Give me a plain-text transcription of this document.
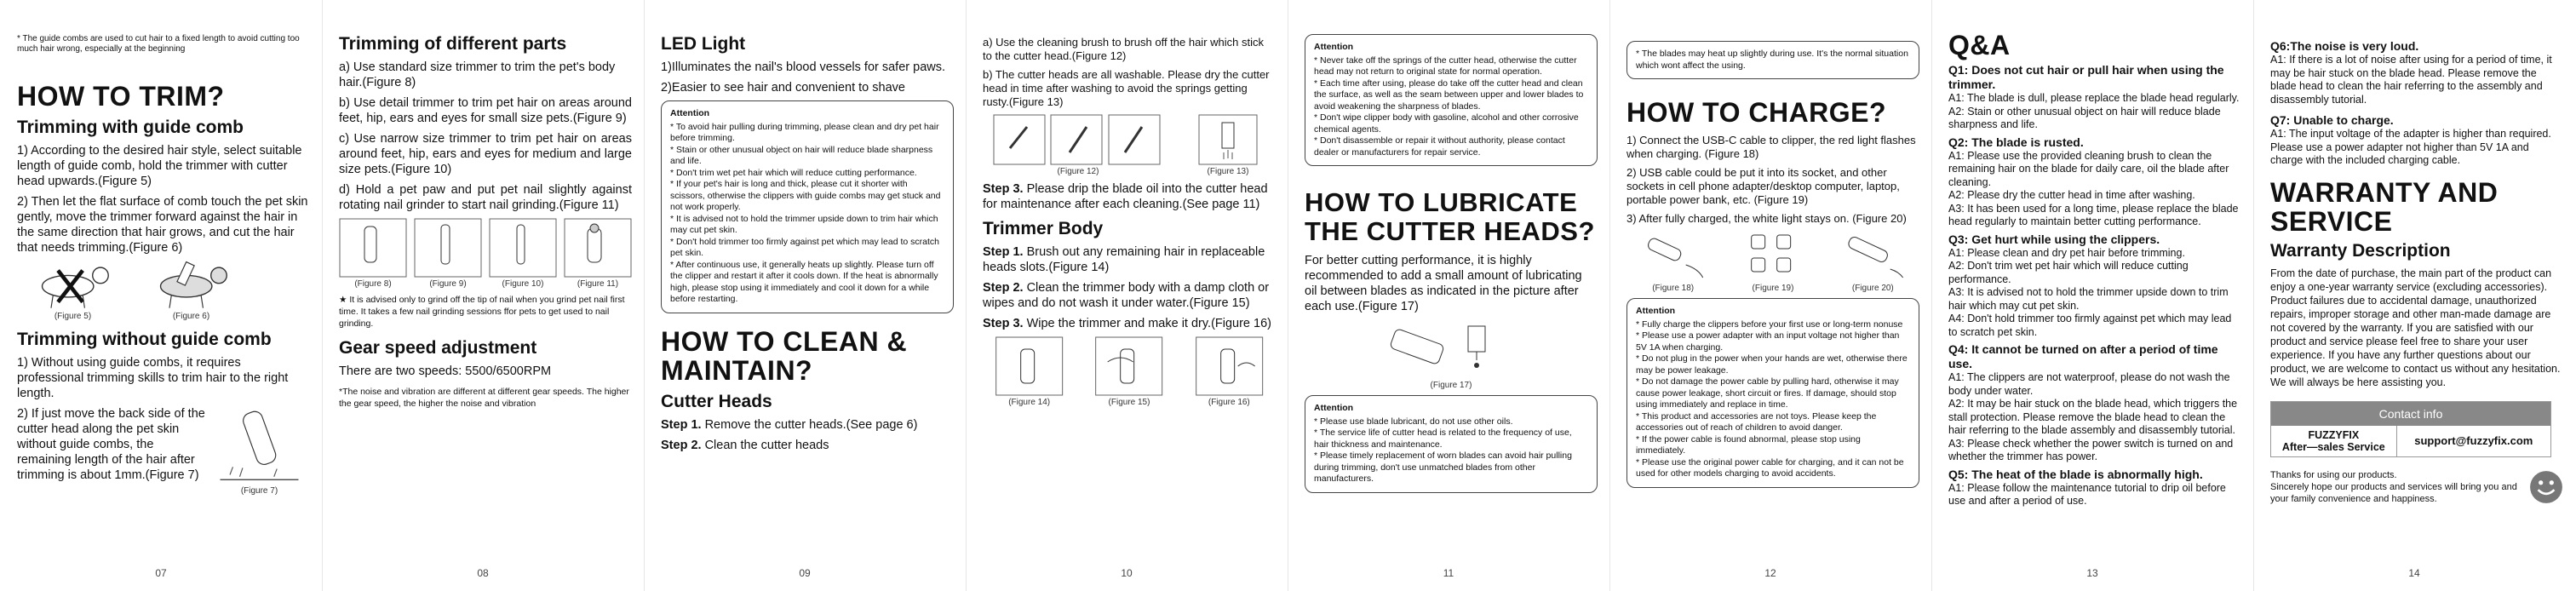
* The guide combs are used to cut hair to a fixed length to avoid cutting too much hair wrong, especially at the beginning
HOW TO TRIM?
Trimming with guide comb
1) According to the desired hair style, select suitable length of guide comb, hold the trimmer with cutter head upwards.(Figure 5)
2) Then let the flat surface of comb touch the pet skin gently, move the trimmer forward against the hair in the same direction that hair grows, and cut the hair that needs trimming.(Figure 6)
(Figure 5)	(Figure 6)
Trimming without guide comb
1) Without using guide combs, it requires professional trimming skills to trim hair to the right length.
2) If just move the back side of the cutter head along the pet skin without guide combs, the remaining length of the hair after trimming is about 1mm.(Figure 7)
(Figure 7)
07
Trimming of different parts
a) Use standard size trimmer to trim the pet's body hair.(Figure 8)
b) Use detail trimmer to trim pet hair on areas around feet, hip, ears and eyes for small size pets.(Figure 9)
c) Use narrow size trimmer to trim pet hair on areas around feet, hip, ears and eyes for medium and large size pets.(Figure 10)
d) Hold a pet paw and put pet nail slightly against rotating nail grinder to start nail grinding.(Figure 11)
(Figure 8)	(Figure 9)	(Figure 10)	(Figure 11)
★ It is advised only to grind off the tip of nail when you grind pet nail first time. It takes a few nail grinding sessions ffor pets to get used to nail grinding.
Gear speed adjustment
There are two speeds: 5500/6500RPM
*The noise and vibration are different at different gear speeds. The higher the gear speed, the higher the noise and vibration
08
LED Light
1)Illuminates the nail's blood vessels for safer paws.
2)Easier to see hair and convenient to shave
Attention
* To avoid hair pulling during trimming, please clean and dry pet hair before trimming.
* Stain or other unusual object on hair will reduce blade sharpness and life.
* Don't trim wet pet hair which will reduce cutting performance.
* If your pet's hair is long and thick, please cut it shorter with scissors, otherwise the clippers with guide combs may get stuck and not work properly.
* It is advised not to hold the trimmer upside down to trim hair which may cut pet skin.
* Don't hold trimmer too firmly against pet which may lead to scratch pet skin.
* After continuous use, it generally heats up slightly. Please turn off the clipper and restart it after it cools down. If the heat is abnormally high, please stop using it immediately and cool it down for a while before restarting.
HOW TO CLEAN & MAINTAIN?
Cutter Heads
Step 1. Remove the cutter heads.(See page 6)
Step 2. Clean the cutter heads
09
a) Use the cleaning brush to brush off the hair which stick to the cutter head.(Figure 12)
b) The cutter heads are all washable. Please dry the cutter head in time after washing to avoid the springs getting rusty.(Figure 13)
(Figure 12)	(Figure 13)
Step 3. Please drip the blade oil into the cutter head for maintenance after each cleaning.(See page 11)
Trimmer Body
Step 1. Brush out any remaining hair in replaceable heads slots.(Figure 14)
Step 2. Clean the trimmer body with a damp cloth or wipes and do not wash it under water.(Figure 15)
Step 3. Wipe the trimmer and make it dry.(Figure 16)
(Figure 14)	(Figure 15)	(Figure 16)
10
Attention
* Never take off the springs of the cutter head, otherwise the cutter head may not return to original state for normal operation.
* Each time after using, please do take off the cutter head and clean the surface, as well as the seam between upper and lower blades to avoid weakening the sharpness of blades.
* Don't wipe clipper body with gasoline, alcohol and other corrosive chemical agents.
* Don't disassemble or repair it without authority, please contact dealer or manufacturers for repair service.
HOW TO LUBRICATE THE CUTTER HEADS?
For better cutting performance, it is highly recommended to add a small amount of lubricating oil between blades as indicated in the picture after each use.(Figure 17)
(Figure 17)
Attention
* Please use blade lubricant, do not use other oils.
* The service life of cutter head is related to the frequency of use, hair thickness and maintenance.
* Please timely replacement of worn blades can avoid hair pulling during trimming, don't use unmatched blades from other manufacturers.
11
* The blades may heat up slightly during use. It's the normal situation which wont affect the using.
HOW TO CHARGE?
1) Connect the USB-C cable to clipper, the red light flashes when charging. (Figure 18)
2) USB cable could be put it into its socket, and other sockets in cell phone adapter/desktop computer, laptop, portable power bank, etc. (Figure 19)
3) After fully charged, the white light stays on. (Figure 20)
(Figure 18)	(Figure 19)	(Figure 20)
Attention
* Fully charge the clippers before your first use or long-term nonuse
* Please use a power adapter with an input voltage not higher than 5V 1A when charging.
* Do not plug in the power when your hands are wet, otherwise there may be power leakage.
* Do not damage the power cable by pulling hard, otherwise it may cause power leakage, short circuit or fires. If damage, should stop using immediately and replace in time.
* This product and accessories are not toys. Please keep the accessories out of reach of children to avoid danger.
* If the power cable is found abnormal, please stop using immediately.
* Please use the original power cable for charging, and it can not be used for other models charging to avoid accidents.
12
Q&A
Q1: Does not cut hair or pull hair when using the trimmer.
A1: The blade is dull, please replace the blade head regularly.
A2: Stain or other unusual object on hair will reduce blade sharpness and life.
Q2: The blade is rusted.
A1: Please use the provided cleaning brush to clean the remaining hair on the blade for daily care, oil the blade after cleaning.
A2: Please dry the cutter head in time after washing.
A3: It has been used for a long time, please replace the blade head regularly to maintain better cutting performance.
Q3: Get hurt while using the clippers.
A1: Please clean and dry pet hair before trimming.
A2: Don't trim wet pet hair which will reduce cutting performance.
A3: It is advised not to hold the trimmer upside down to trim hair which may cut pet skin.
A4: Don't hold trimmer too firmly against pet which may lead to scratch pet skin.
Q4: It cannot be turned on after a period of time use.
A1: The clippers are not waterproof, please do not wash the body under water.
A2: It may be hair stuck on the blade head, which triggers the stall protection. Please remove the blade head to clean the hair referring to the blade assembly and disassembly tutorial.
A3: Please check whether the power switch is turned on and whether the trimmer has power.
Q5: The heat of the blade is abnormally high.
A1: Please follow the maintenance tutorial to drip oil before use and after a period of use.
13
Q6:The noise is very loud.
A1: If there is a lot of noise after using for a period of time, it may be hair stuck on the blade head. Please remove the blade head to clean the hair referring to the assembly and disassembly tutorial.
Q7: Unable to charge.
A1: The input voltage of the adapter is higher than required. Please use a power adapter not higher than 5V 1A and charge with the included charging cable.
WARRANTY AND SERVICE
Warranty Description
From the date of purchase, the main part of the product can enjoy a one-year warranty service (excluding accessories). Product failures due to accidental damage, unauthorized repairs, improper storage and other man-made damage are not covered by the warranty. If you are satisfied with our product and service please feel free to share your user experience. If you have any further questions about our product, we are welcome to contact us without any hesitation. We will always be here assisting you.
Contact info
FUZZYFIX
After—sales Service	support@fuzzyfix.com
Thanks for using our products.
Sincerely hope our products and services will bring you and your family convenience and happiness.
14
